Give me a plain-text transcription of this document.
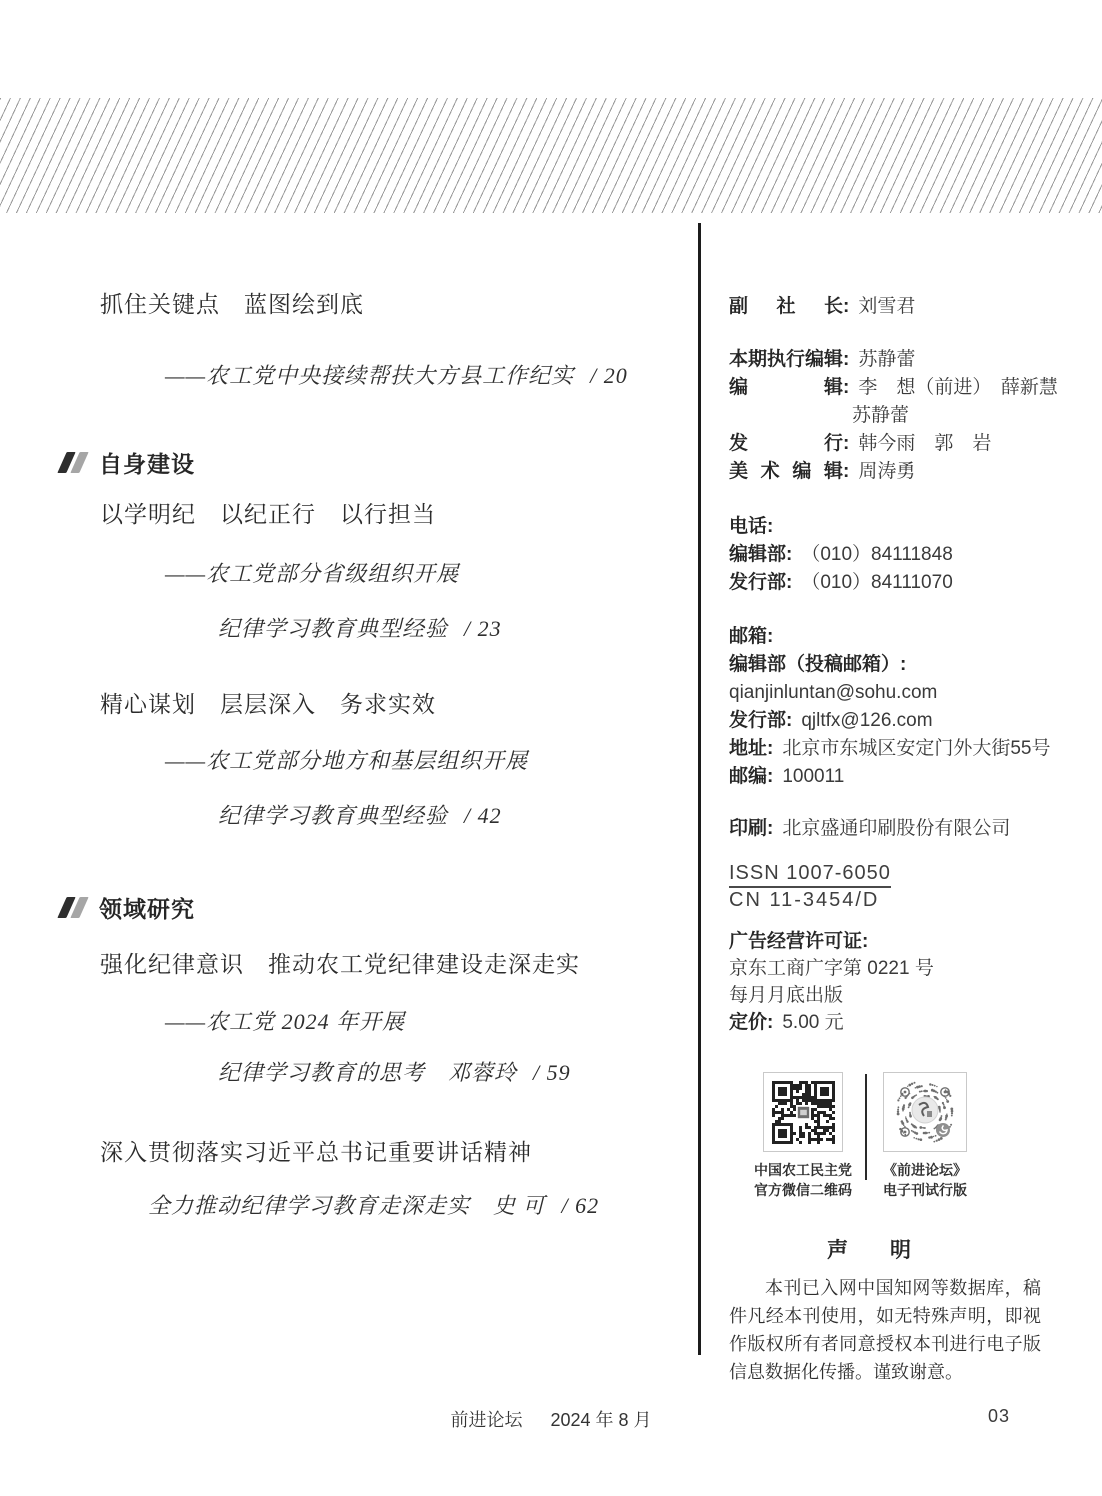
抓住关键点　蓝图绘到底
——农工党中央接续帮扶大方县工作纪实 / 20
自身建设
以学明纪　以纪正行　以行担当
——农工党部分省级组织开展
纪律学习教育典型经验 / 23
精心谋划　层层深入　务求实效
——农工党部分地方和基层组织开展
纪律学习教育典型经验 / 42
领域研究
强化纪律意识　推动农工党纪律建设走深走实
——农工党 2024 年开展
纪律学习教育的思考　邓蓉玲 / 59
深入贯彻落实习近平总书记重要讲话精神
全力推动纪律学习教育走深走实　史 可 / 62
副 社 长: 刘雪君
本期执行编辑: 苏静蕾
编 辑: 李　想（前进）　薛新慧
苏静蕾
发 行: 韩今雨　郭　岩
美 术 编 辑: 周涛勇
电话:
编辑部: （010）84111848
发行部: （010）84111070
邮箱:
编辑部（投稿邮箱）:
qianjinluntan@sohu.com
发行部: qjltfx@126.com
地址: 北京市东城区安定门外大街55号
邮编: 100011
印刷: 北京盛通印刷股份有限公司
ISSN 1007-6050
CN 11-3454/D
广告经营许可证:
京东工商广字第 0221 号
每月月底出版
定价: 5.00 元
中国农工民主党
官方微信二维码
《前进论坛》
电子刊试行版
声　　明
本刊已入网中国知网等数据库，稿件凡经本刊使用，如无特殊声明，即视作版权所有者同意授权本刊进行电子版信息数据化传播。谨致谢意。
前进论坛 2024 年 8 月	03
